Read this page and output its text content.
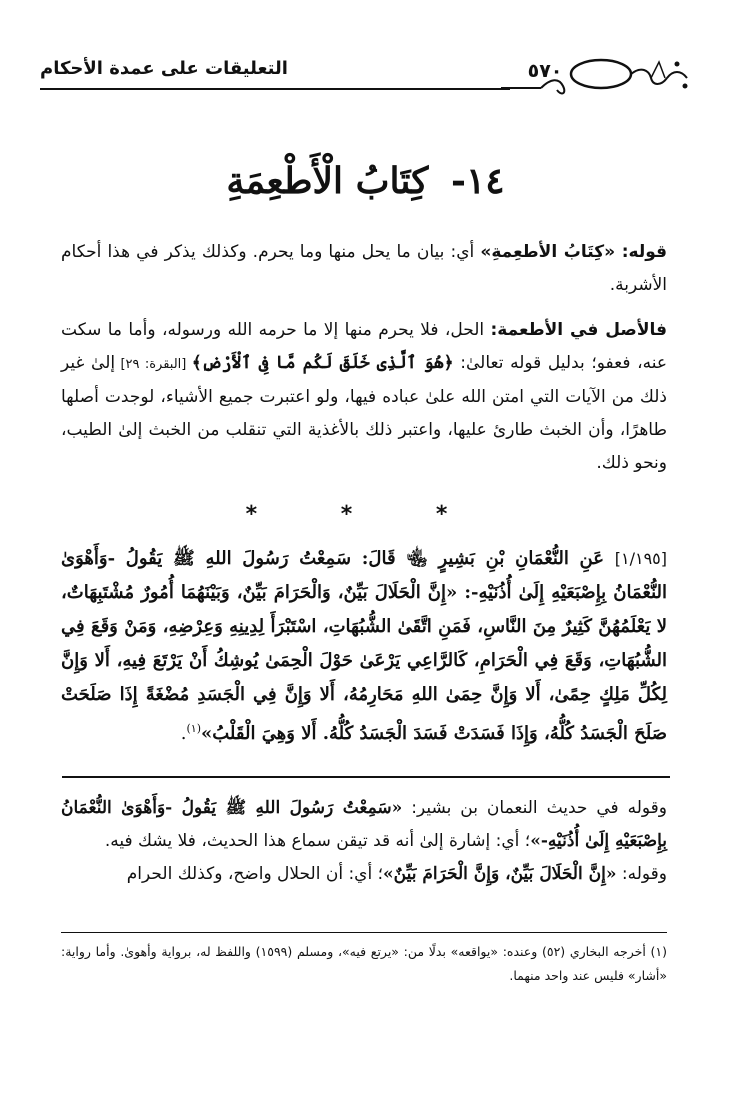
التعليقات على عمدة الأحكام	٥٧٠
١٤- كِتَابُ الْأَطْعِمَةِ
قوله: «كِتَابُ الأطعِمةِ» أي: بيان ما يحل منها وما يحرم. وكذلك يذكر في هذا أحكام الأشربة.
فالأصل في الأطعمة: الحل، فلا يحرم منها إلا ما حرمه الله ورسوله، وأما ما سكت عنه، فعفو؛ بدليل قوله تعالىٰ: ﴿هُوَ ٱلَّذِى خَلَقَ لَكُم مَّا فِى ٱلْأَرْضِ﴾ [البقرة: ٢٩] إلىٰ غير ذلك من الآيات التي امتن الله علىٰ عباده فيها، ولو اعتبرت جميع الأشياء، لوجدت أصلها طاهرًا، وأن الخبث طارئ عليها، واعتبر ذلك بالأغذية التي تنقلب من الخبث إلىٰ الطيب، ونحو ذلك.
* * *
[١/١٩٥] عَنِ النُّعْمَانِ بْنِ بَشِيرٍ ﵄ قَالَ: سَمِعْتُ رَسُولَ اللهِ ﷺ يَقُولُ -وَأَهْوَىٰ النُّعْمَانُ بِإِصْبَعَيْهِ إِلَىٰ أُذُنَيْهِ-: «إِنَّ الْحَلَالَ بَيِّنٌ، وَالْحَرَامَ بَيِّنٌ، وَبَيْنَهُمَا أُمُورٌ مُشْتَبِهَاتٌ، لا يَعْلَمُهُنَّ كَثِيرٌ مِنَ النَّاسِ، فَمَنِ اتَّقَىٰ الشُّبُهَاتِ، اسْتَبْرَأَ لِدِينِهِ وَعِرْضِهِ، وَمَنْ وَقَعَ فِي الشُّبُهَاتِ، وَقَعَ فِي الْحَرَامِ، كَالرَّاعِي يَرْعَىٰ حَوْلَ الْحِمَىٰ يُوشِكُ أَنْ يَرْتَعَ فِيهِ، أَلا وَإِنَّ لِكُلِّ مَلِكٍ حِمًىٰ، أَلا وَإِنَّ حِمَىٰ اللهِ مَحَارِمُهُ، أَلا وَإِنَّ فِي الْجَسَدِ مُضْغَةً إِذَا صَلَحَتْ صَلَحَ الْجَسَدُ كُلُّهُ، وَإِذَا فَسَدَتْ فَسَدَ الْجَسَدُ كُلُّهُ. أَلا وَهِيَ الْقَلْبُ»$^{(١)}$.
وقوله في حديث النعمان بن بشير: «سَمِعْتُ رَسُولَ اللهِ ﷺ يَقُولُ -وَأَهْوَىٰ النُّعْمَانُ بِإِصْبَعَيْهِ إِلَىٰ أُذُنَيْهِ-»؛ أي: إشارة إلىٰ أنه قد تيقن سماع هذا الحديث، فلا يشك فيه.
وقوله: «إِنَّ الْحَلَالَ بَيِّنٌ، وَإِنَّ الْحَرَامَ بَيِّنٌ»؛ أي: أن الحلال واضح، وكذلك الحرام
(١) أخرجه البخاري (٥٢) وعنده: «يواقعه» بدلًا من: «يرتع فيه»، ومسلم (١٥٩٩) واللفظ له، برواية وأهوىٰ. وأما رواية: «أشار» فليس عند واحد منهما.
